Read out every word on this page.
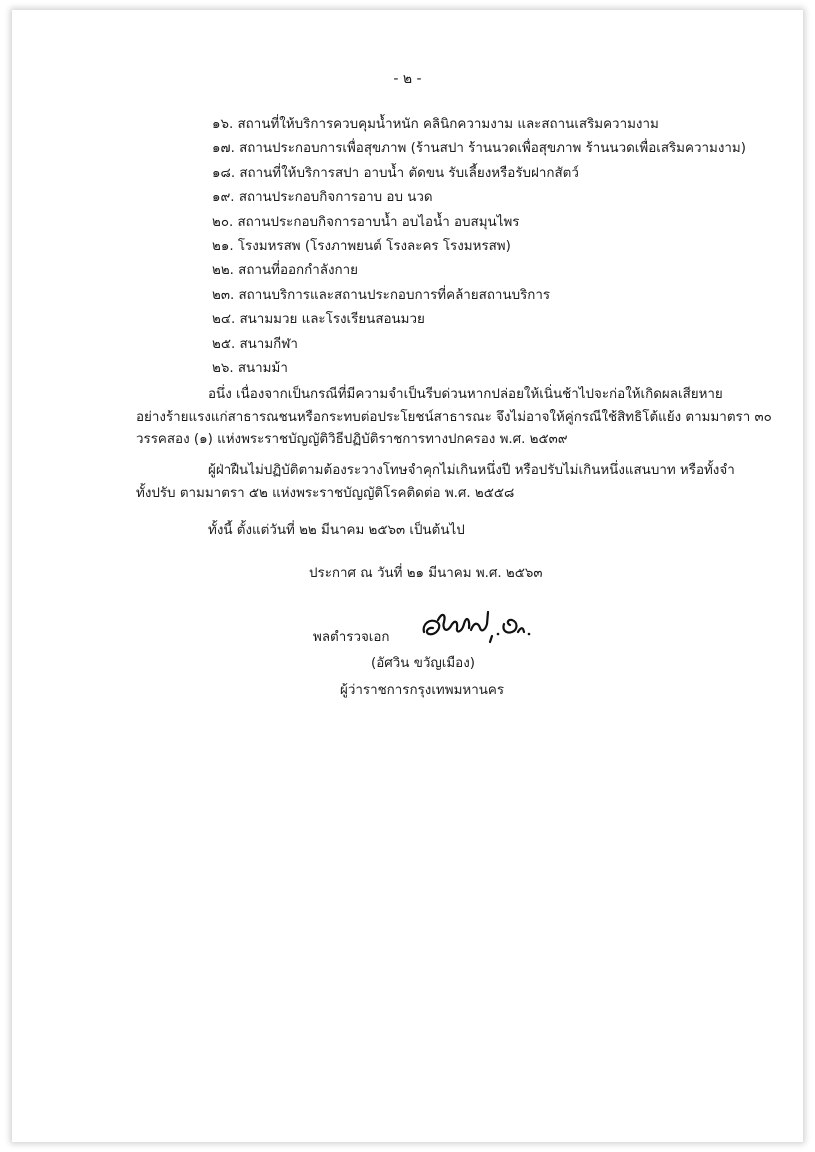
- ๒ -
๑๖. สถานที่ให้บริการควบคุมน้ำหนัก คลินิกความงาม และสถานเสริมความงาม
๑๗. สถานประกอบการเพื่อสุขภาพ (ร้านสปา ร้านนวดเพื่อสุขภาพ ร้านนวดเพื่อเสริมความงาม)
๑๘. สถานที่ให้บริการสปา อาบน้ำ ตัดขน รับเลี้ยงหรือรับฝากสัตว์
๑๙. สถานประกอบกิจการอาบ อบ นวด
๒๐. สถานประกอบกิจการอาบน้ำ อบไอน้ำ อบสมุนไพร
๒๑. โรงมหรสพ (โรงภาพยนต์ โรงละคร โรงมหรสพ)
๒๒. สถานที่ออกกำลังกาย
๒๓. สถานบริการและสถานประกอบการที่คล้ายสถานบริการ
๒๔. สนามมวย และโรงเรียนสอนมวย
๒๕. สนามกีฬา
๒๖. สนามม้า
อนึ่ง เนื่องจากเป็นกรณีที่มีความจำเป็นรีบด่วนหากปล่อยให้เนิ่นช้าไปจะก่อให้เกิดผลเสียหาย
อย่างร้ายแรงแก่สาธารณชนหรือกระทบต่อประโยชน์สาธารณะ จึงไม่อาจให้คู่กรณีใช้สิทธิโต้แย้ง ตามมาตรา ๓๐
วรรคสอง (๑) แห่งพระราชบัญญัติวิธีปฏิบัติราชการทางปกครอง พ.ศ. ๒๕๓๙
ผู้ฝ่าฝืนไม่ปฏิบัติตามต้องระวางโทษจำคุกไม่เกินหนึ่งปี หรือปรับไม่เกินหนึ่งแสนบาท หรือทั้งจำ
ทั้งปรับ ตามมาตรา ๕๒ แห่งพระราชบัญญัติโรคติดต่อ พ.ศ. ๒๕๕๘
ทั้งนี้ ตั้งแต่วันที่ ๒๒ มีนาคม ๒๕๖๓ เป็นต้นไป
ประกาศ ณ วันที่ ๒๑ มีนาคม พ.ศ. ๒๕๖๓
พลตำรวจเอก
(อัศวิน ขวัญเมือง)
ผู้ว่าราชการกรุงเทพมหานคร
